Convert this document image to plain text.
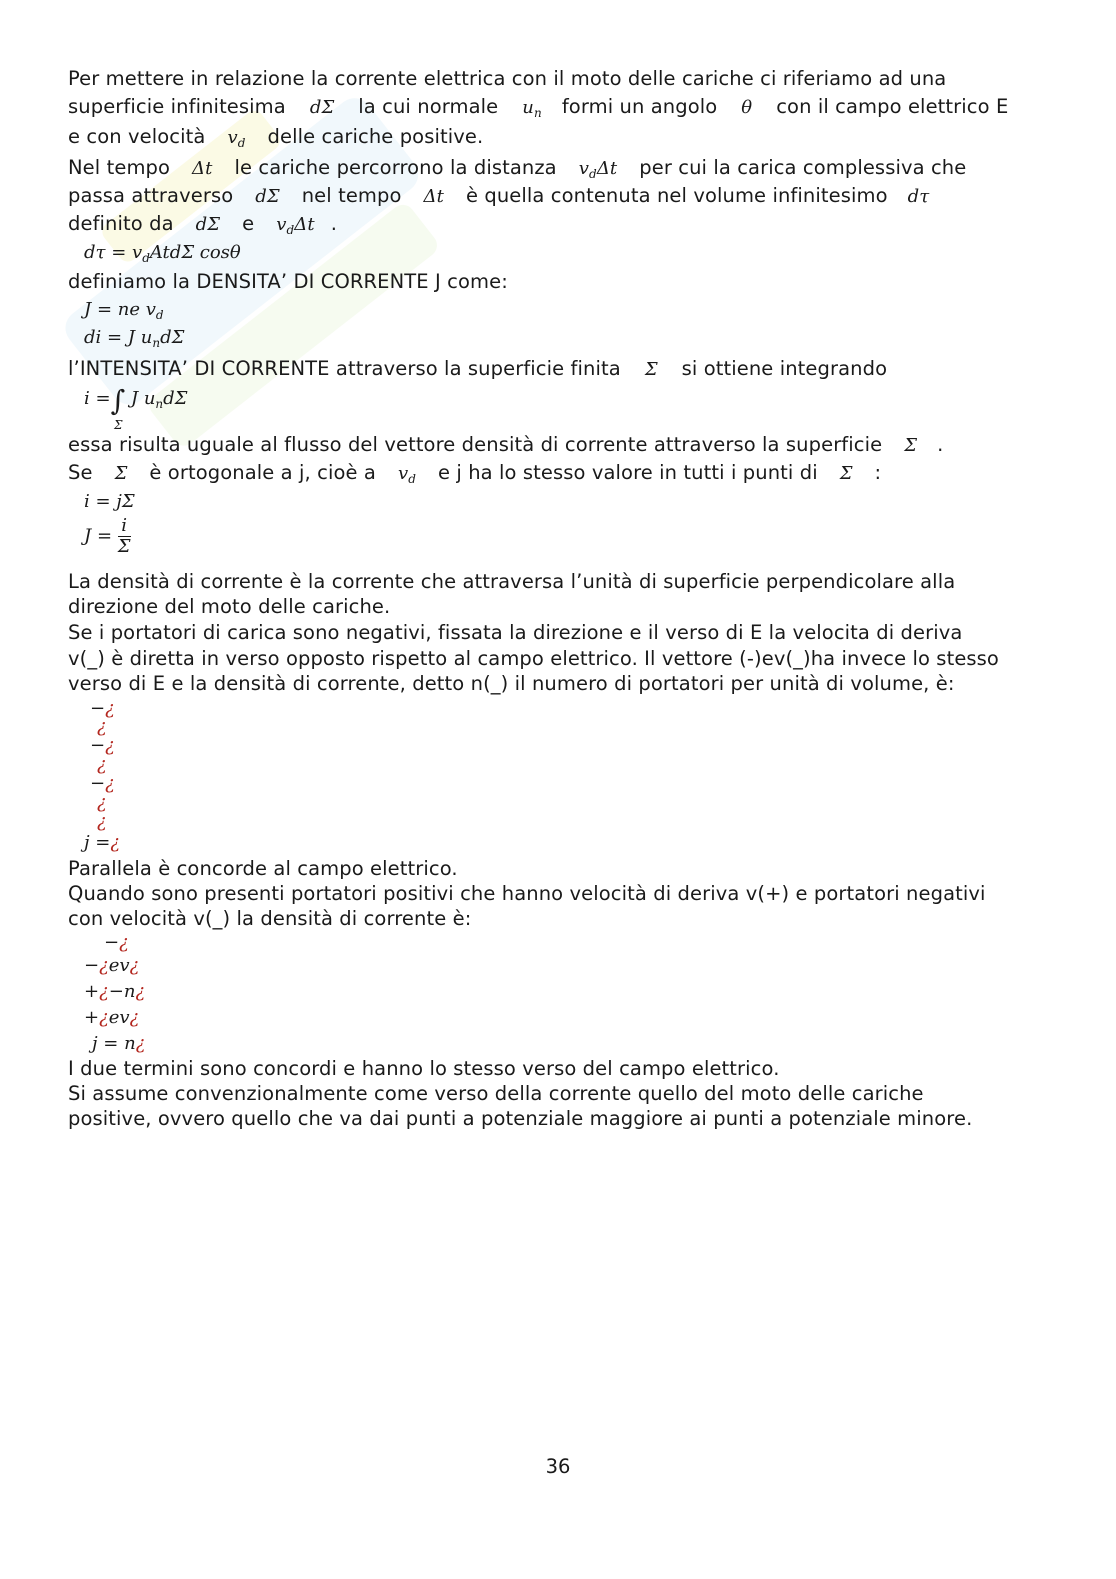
Per mettere in relazione la corrente elettrica con il moto delle cariche ci riferiamo ad una
superficie infinitesima dΣ la cui normale $u_n$ formi un angolo θ con il campo elettrico E
e con velocità $v_d$ delle cariche positive.
Nel tempo Δt le cariche percorrono la distanza $v_d\Delta t$ per cui la carica complessiva che
passa attraverso dΣ nel tempo Δt è quella contenuta nel volume infinitesimo dτ
definito da dΣ e $v_d\Delta t$ .
$d\tau = v_dAtd\Sigma$ cosθ
definiamo la DENSITA’ DI CORRENTE J come:
J = ne $v_d$
di = J $u_nd\Sigma$
l’INTENSITA’ DI CORRENTE attraverso la superficie finita Σ si ottiene integrando
i =∫ J $u_nd\Sigma$
Σ
essa risulta uguale al flusso del vettore densità di corrente attraverso la superficie Σ .
Se Σ è ortogonale a j, cioè a $v_d$ e j ha lo stesso valore in tutti i punti di Σ :
i = jΣ
$J = \frac{i}{\Sigma}$
La densità di corrente è la corrente che attraversa l’unità di superficie perpendicolare alla
direzione del moto delle cariche.
Se i portatori di carica sono negativi, fissata la direzione e il verso di E la velocita di deriva
v(_) è diretta in verso opposto rispetto al campo elettrico. Il vettore (-)ev(_)ha invece lo stesso
verso di E e la densità di corrente, detto n(_) il numero di portatori per unità di volume, è:
−¿
¿
−¿
¿
−¿
¿
¿
j =¿
Parallela è concorde al campo elettrico.
Quando sono presenti portatori positivi che hanno velocità di deriva v(+) e portatori negativi
con velocità v(_) la densità di corrente è:
−¿
−¿ev¿
+¿−n¿
+¿ev¿
j = n¿
I due termini sono concordi e hanno lo stesso verso del campo elettrico.
Si assume convenzionalmente come verso della corrente quello del moto delle cariche
positive, ovvero quello che va dai punti a potenziale maggiore ai punti a potenziale minore.
36
